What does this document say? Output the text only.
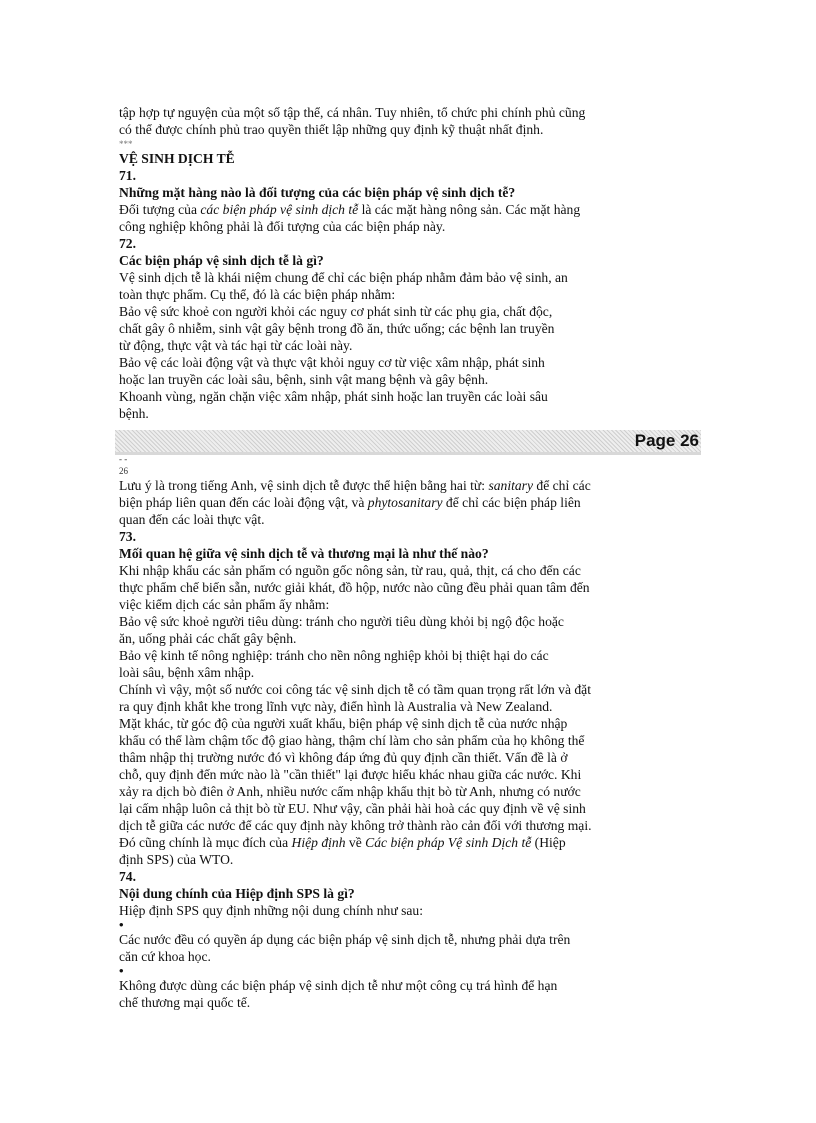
tập hợp tự nguyện của một số tập thể, cá nhân. Tuy nhiên, tổ chức phi chính phủ cũng

có thể được chính phủ trao quyền thiết lập những quy định kỹ thuật nhất định.

***

VỆ SINH DỊCH TỄ

71.

Những mặt hàng nào là đối tượng của các biện pháp vệ sinh dịch tễ?

Đối tượng của các biện pháp vệ sinh dịch tễ là các mặt hàng nông sản. Các mặt hàng

công nghiệp không phải là đối tượng của các biện pháp này.

72.

Các biện pháp vệ sinh dịch tễ là gì?

Vệ sinh dịch tễ là khái niệm chung để chỉ các biện pháp nhằm đảm bảo vệ sinh, an

toàn thực phẩm. Cụ thể, đó là các biện pháp nhằm:

Bảo vệ sức khoẻ con người khỏi các nguy cơ phát sinh từ các phụ gia, chất độc,

chất gây ô nhiễm, sinh vật gây bệnh trong đồ ăn, thức uống; các bệnh lan truyền

từ động, thực vật và tác hại từ các loài này.

Bảo vệ các loài động vật và thực vật khỏi nguy cơ từ việc xâm nhập, phát sinh

hoặc lan truyền các loài sâu, bệnh, sinh vật mang bệnh và gây bệnh.

Khoanh vùng, ngăn chặn việc xâm nhập, phát sinh hoặc lan truyền các loài sâu

bệnh.

Page 26

- -

26

Lưu ý là trong tiếng Anh, vệ sinh dịch tễ được thể hiện bằng hai từ: sanitary để chỉ các

biện pháp liên quan đến các loài động vật, và phytosanitary để chỉ các biện pháp liên

quan đến các loài thực vật.

73.

Mối quan hệ giữa vệ sinh dịch tễ và thương mại là như thế nào?

Khi nhập khẩu các sản phẩm có nguồn gốc nông sản, từ rau, quả, thịt, cá cho đến các

thực phẩm chế biến sẵn, nước giải khát, đồ hộp, nước nào cũng đều phải quan tâm đến

việc kiểm dịch các sản phẩm ấy nhằm:

Bảo vệ sức khoẻ người tiêu dùng: tránh cho người tiêu dùng khỏi bị ngộ độc hoặc

ăn, uống phải các chất gây bệnh.

Bảo vệ kinh tế nông nghiệp: tránh cho nền nông nghiệp khỏi bị thiệt hại do các

loài sâu, bệnh xâm nhập.

Chính vì vậy, một số nước coi công tác vệ sinh dịch tễ có tầm quan trọng rất lớn và đặt

ra quy định khắt khe trong lĩnh vực này, điển hình là Australia và New Zealand.

Mặt khác, từ góc độ của người xuất khẩu, biện pháp vệ sinh dịch tễ của nước nhập

khẩu có thể làm chậm tốc độ giao hàng, thậm chí làm cho sản phẩm của họ không thể

thâm nhập thị trường nước đó vì không đáp ứng đủ quy định cần thiết. Vấn đề là ở

chỗ, quy định đến mức nào là "cần thiết" lại được hiểu khác nhau giữa các nước. Khi

xảy ra dịch bò điên ở Anh, nhiều nước cấm nhập khẩu thịt bò từ Anh, nhưng có nước

lại cấm nhập luôn cả thịt bò từ EU. Như vậy, cần phải hài hoà các quy định về vệ sinh

dịch tễ giữa các nước để các quy định này không trở thành rào cản đối với thương mại.

Đó cũng chính là mục đích của Hiệp định về Các biện pháp Vệ sinh Dịch tễ (Hiệp

định SPS) của WTO.

74.

Nội dung chính của Hiệp định SPS là gì?

Hiệp định SPS quy định những nội dung chính như sau:

•

Các nước đều có quyền áp dụng các biện pháp vệ sinh dịch tễ, nhưng phải dựa trên

căn cứ khoa học.

•

Không được dùng các biện pháp vệ sinh dịch tễ như một công cụ trá hình để hạn

chế thương mại quốc tế.
